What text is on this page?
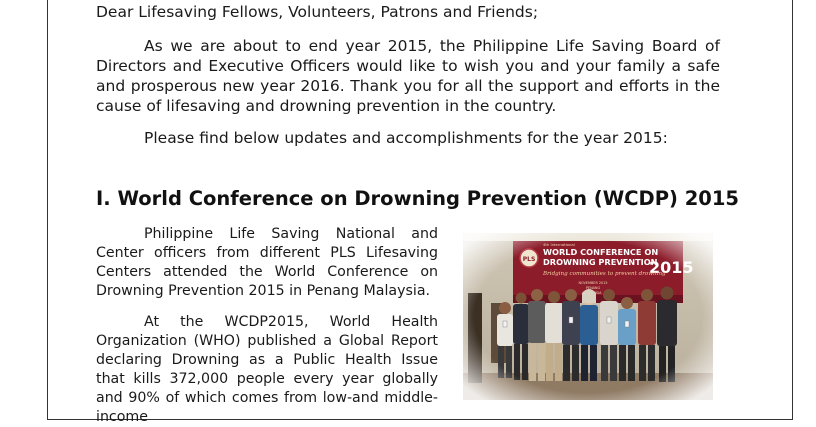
Dear Lifesaving Fellows, Volunteers, Patrons and Friends;

As we are about to end year 2015, the Philippine Life Saving Board of Directors and Executive Officers would like to wish you and your family a safe and prosperous new year 2016. Thank you for all the support and efforts in the cause of lifesaving and drowning prevention in the country.

Please find below updates and accomplishments for the year 2015:

I. World Conference on Drowning Prevention (WCDP) 2015

Philippine Life Saving National and Center officers from different PLS Lifesaving Centers attended the World Conference on Drowning Prevention 2015 in Penang Malaysia.

At the WCDP2015, World Health Organization (WHO) published a Global Report declaring Drowning as a Public Health Issue that kills 372,000 people every year globally and 90% of which comes from low-and middle-income
